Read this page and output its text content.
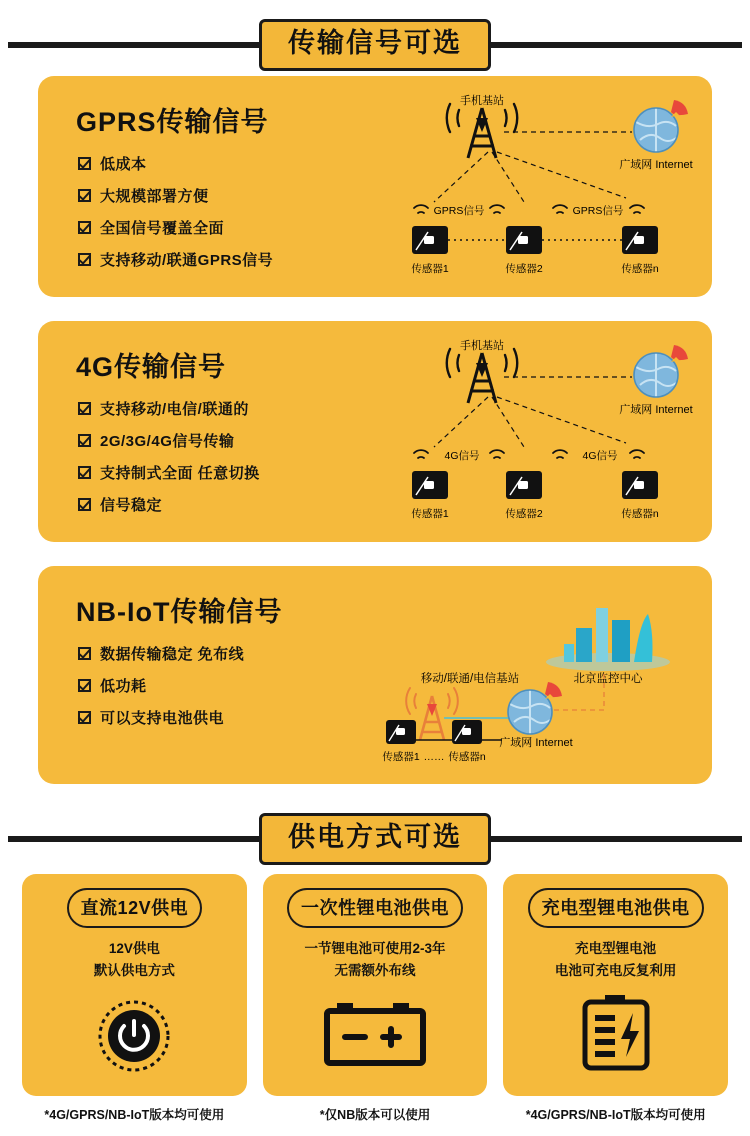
传输信号可选
GPRS传输信号
低成本
大规模部署方便
全国信号覆盖全面
支持移动/联通GPRS信号
手机基站
广域网 Internet
GPRS信号	GPRS信号
传感器1	传感器2	传感器n
4G传输信号
支持移动/电信/联通的
2G/3G/4G信号传输
支持制式全面 任意切换
信号稳定
手机基站
广域网 Internet
4G信号	4G信号
传感器1	传感器2	传感器n
NB-IoT传输信号
数据传输稳定 免布线
低功耗
可以支持电池供电
北京监控中心
移动/联通/电信基站
广域网 Internet
传感器1 …… 传感器n
供电方式可选
直流12V供电
12V供电
默认供电方式
*4G/GPRS/NB-IoT版本均可使用
一次性锂电池供电
一节锂电池可使用2-3年
无需额外布线
*仅NB版本可以使用
充电型锂电池供电
充电型锂电池
电池可充电反复利用
*4G/GPRS/NB-IoT版本均可使用
